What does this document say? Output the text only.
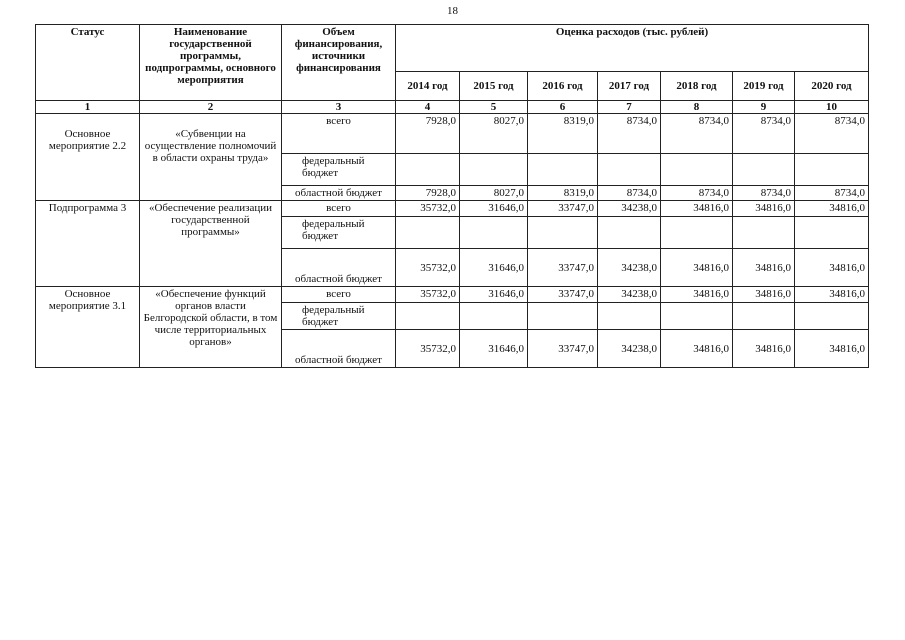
18
Статус	Наименование государственной программы, подпрограммы, основного мероприятия	Объем финансирования, источники финансирования	Оценка расходов (тыс. рублей)						
			2014 год	2015 год	2016 год	2017 год	2018 год	2019 год	2020 год
1	2	3	4	5	6	7	8	9	10
Основное мероприятие 2.2	«Субвенции на осуществление полномочий в области охраны труда»	всего	7928,0	8027,0	8319,0	8734,0	8734,0	8734,0	8734,0
		федеральный бюджет							
		областной бюджет	7928,0	8027,0	8319,0	8734,0	8734,0	8734,0	8734,0
Подпрограмма 3	«Обеспечение реализации государственной программы»	всего	35732,0	31646,0	33747,0	34238,0	34816,0	34816,0	34816,0
		федеральный бюджет							
		областной бюджет	35732,0	31646,0	33747,0	34238,0	34816,0	34816,0	34816,0
Основное мероприятие 3.1	«Обеспечение функций органов власти Белгородской области, в том числе территориальных органов»	всего	35732,0	31646,0	33747,0	34238,0	34816,0	34816,0	34816,0
		федеральный бюджет							
		областной бюджет	35732,0	31646,0	33747,0	34238,0	34816,0	34816,0	34816,0
